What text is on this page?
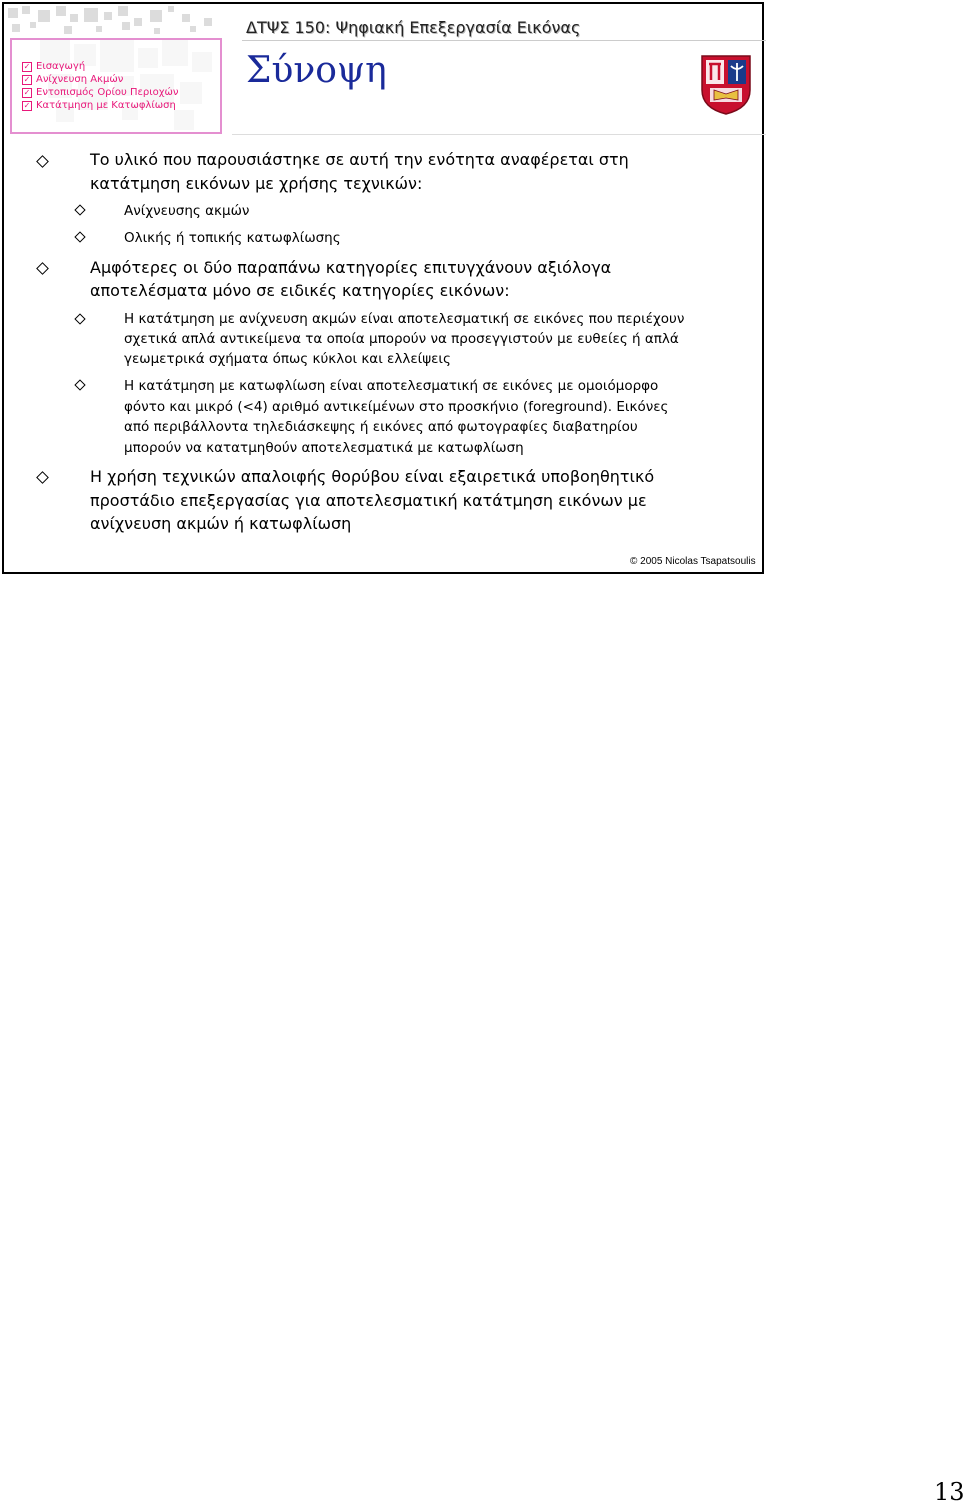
✓ Εισαγωγή
✓ Ανίχνευση Ακμών
✓ Εντοπισμός Ορίου Περιοχών
✓ Κατάτμηση με Κατωφλίωση
ΔΤΨΣ 150: Ψηφιακή Επεξεργασία Εικόνας
Σύνοψη
Το υλικό που παρουσιάστηκε σε αυτή την ενότητα αναφέρεται στη
κατάτμηση εικόνων με χρήσης τεχνικών:
Ανίχνευσης ακμών
Ολικής ή τοπικής κατωφλίωσης
Αμφότερες οι δύο παραπάνω κατηγορίες επιτυγχάνουν αξιόλογα
αποτελέσματα μόνο σε ειδικές κατηγορίες εικόνων:
Η κατάτμηση με ανίχνευση ακμών είναι αποτελεσματική σε εικόνες που περιέχουν
σχετικά απλά αντικείμενα τα οποία μπορούν να προσεγγιστούν με ευθείες ή απλά
γεωμετρικά σχήματα όπως κύκλοι και ελλείψεις
Η κατάτμηση με κατωφλίωση είναι αποτελεσματική σε εικόνες με ομοιόμορφο
φόντο και μικρό (<4) αριθμό αντικείμένων στο προσκήνιο (foreground). Εικόνες
από περιβάλλοντα τηλεδιάσκεψης ή εικόνες από φωτογραφίες διαβατηρίου
μπορούν να κατατμηθούν αποτελεσματικά με κατωφλίωση
Η χρήση τεχνικών απαλοιφής θορύβου είναι εξαιρετικά υποβοηθητικό
προστάδιο επεξεργασίας για αποτελεσματική κατάτμηση εικόνων με
ανίχνευση ακμών ή κατωφλίωση
© 2005 Nicolas Tsapatsoulis
13
